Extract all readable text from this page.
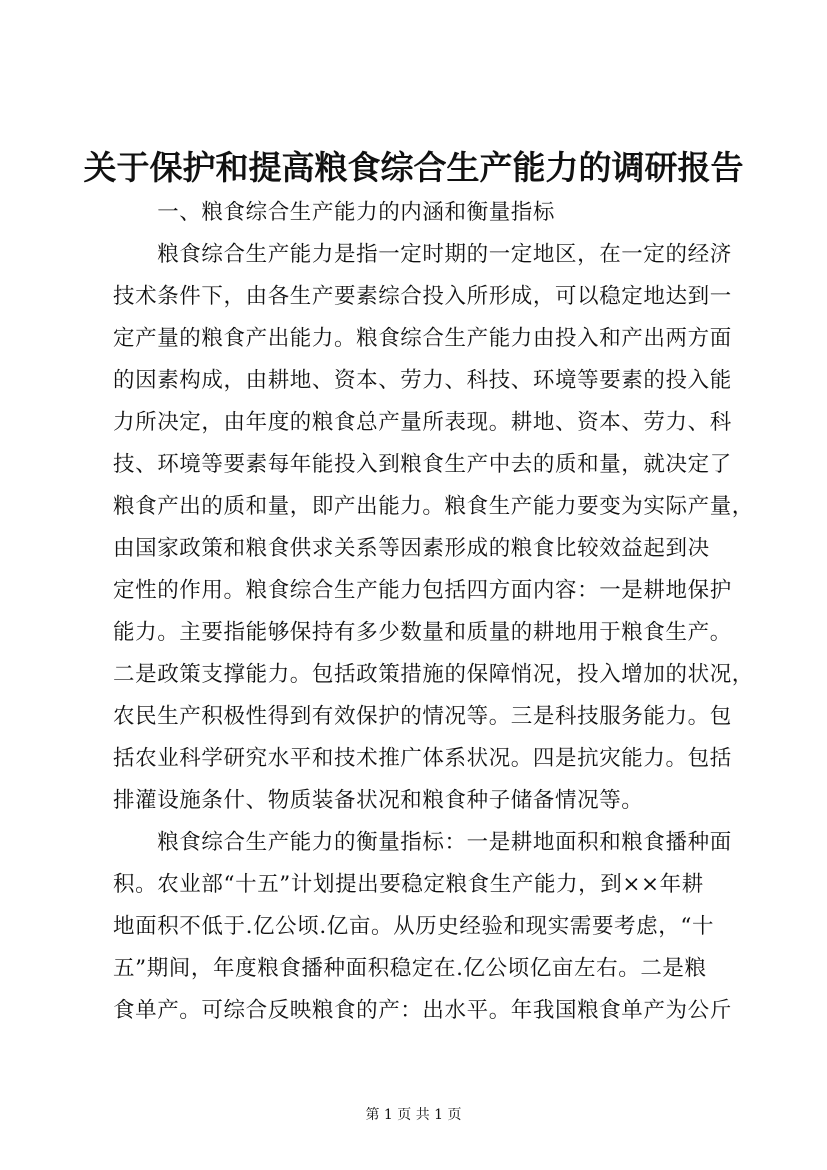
关于保护和提高粮食综合生产能力的调研报告
　　一、粮食综合生产能力的内涵和衡量指标
　　粮食综合生产能力是指一定时期的一定地区，在一定的经济
技术条件下，由各生产要素综合投入所形成，可以稳定地达到一
定产量的粮食产出能力。粮食综合生产能力由投入和产出两方面
的因素构成，由耕地、资本、劳力、科技、环境等要素的投入能
力所决定，由年度的粮食总产量所表现。耕地、资本、劳力、科
技、环境等要素每年能投入到粮食生产中去的质和量，就决定了
粮食产出的质和量，即产出能力。粮食生产能力要变为实际产量，
由国家政策和粮食供求关系等因素形成的粮食比较效益起到决
定性的作用。粮食综合生产能力包括四方面内容：一是耕地保护
能力。主要指能够保持有多少数量和质量的耕地用于粮食生产。
二是政策支撑能力。包括政策措施的保障悄况，投入增加的状况，
农民生产积极性得到有效保护的情况等。三是科技服务能力。包
括农业科学研究水平和技术推广体系状况。四是抗灾能力。包括
排灌设施条什、物质装备状况和粮食种子储备情况等。
　　粮食综合生产能力的衡量指标：一是耕地面积和粮食播种面
积。农业部“十五”计划提出要稳定粮食生产能力，到××年耕
地面积不低于.亿公顷.亿亩。从历史经验和现实需要考虑，“十
五”期间，年度粮食播种面积稳定在.亿公顷亿亩左右。二是粮
食单产。可综合反映粮食的产：出水平。年我国粮食单产为公斤
第 1 页 共 1 页
